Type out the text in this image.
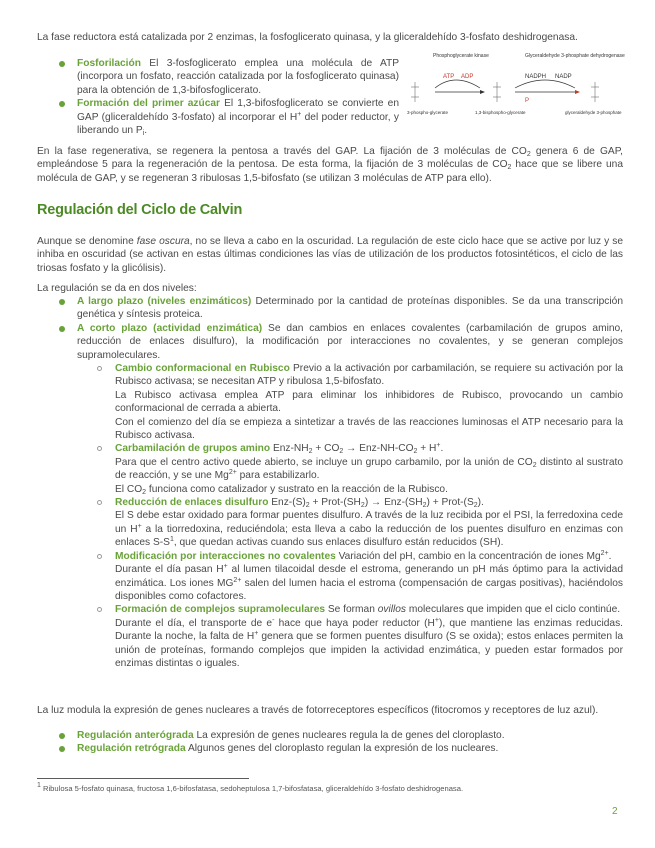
La fase reductora está catalizada por 2 enzimas, la fosfoglicerato quinasa, y la gliceraldehído 3-fosfato deshidrogenasa.
Fosforilación El 3-fosfoglicerato emplea una molécula de ATP (incorpora un fosfato, reacción catalizada por la fosfoglicerato quinasa) para la obtención de 1,3-bifosfoglicerato.
Formación del primer azúcar El 1,3-bifosfoglicerato se convierte en GAP (gliceraldehído 3-fosfato) al incorporar el H+ del poder reductor, y liberando un $P_i$.
Phosphoglycerate kinase	Glyceraldehyde 3-phosphate dehydrogenase
ATP ADP	NADPH NADP
P
3-phospho-glycerate	1,3-bisphospho-glycerate	glyceraldehyde 3-phosphate
En la fase regenerativa, se regenera la pentosa a través del GAP. La fijación de 3 moléculas de $CO_2$ genera 6 de GAP, empleándose 5 para la regeneración de la pentosa. De esta forma, la fijación de 3 moléculas de $CO_2$ hace que se libere una molécula de GAP, y se regeneran 3 ribulosas 1,5-bifosfato (se utilizan 3 moléculas de ATP para ello).
Regulación del Ciclo de Calvin
Aunque se denomine fase oscura, no se lleva a cabo en la oscuridad. La regulación de este ciclo hace que se active por luz y se inhiba en oscuridad (se activan en estas últimas condiciones las vías de utilización de los productos fotosintéticos, el ciclo de las triosas fosfato y la glicólisis).
La regulación se da en dos niveles:
A largo plazo (niveles enzimáticos) Determinado por la cantidad de proteínas disponibles. Se da una transcripción genética y síntesis proteica.
A corto plazo (actividad enzimática) Se dan cambios en enlaces covalentes (carbamilación de grupos amino, reducción de enlaces disulfuro), la modificación por interacciones no covalentes, y se generan complejos supramoleculares.
Cambio conformacional en Rubisco Previo a la activación por carbamilación, se requiere su activación por la Rubisco activasa; se necesitan ATP y ribulosa 1,5-bifosfato.
La Rubisco activasa emplea ATP para eliminar los inhibidores de Rubisco, provocando un cambio conformacional de cerrada a abierta.
Con el comienzo del día se empieza a sintetizar a través de las reacciones luminosas el ATP necesario para la Rubisco activasa.
Carbamilación de grupos amino Enz-$NH_2 + CO_2 \to Enz-NH-CO_2 + H^+$.
Para que el centro activo quede abierto, se incluye un grupo carbamilo, por la unión de $CO_2$ distinto al sustrato de reacción, y se une $Mg^{2+}$ para estabilizarlo.
El $CO_2$ funciona como catalizador y sustrato en la reacción de la Rubisco.
Reducción de enlaces disulfuro Enz-$(S)_2$ + Prot-$(SH_2) \to Enz-(SH_2)$ + Prot-$(S_2)$.
El S debe estar oxidado para formar puentes disulfuro. A través de la luz recibida por el PSI, la ferredoxina cede un H+ a la tiorredoxina, reduciéndola; esta lleva a cabo la reducción de los puentes disulfuro en enzimas con enlaces $S-S^1$, que quedan activas cuando sus enlaces disulfuro están reducidos (SH).
Modificación por interacciones no covalentes Variación del pH, cambio en la concentración de iones $Mg^{2+}$.
Durante el día pasan H+ al lumen tilacoidal desde el estroma, generando un pH más óptimo para la actividad enzimática. Los iones $MG^{2+}$ salen del lumen hacia el estroma (compensación de cargas positivas), haciéndolos disponibles como cofactores.
Formación de complejos supramoleculares Se forman ovillos moleculares que impiden que el ciclo continúe.
Durante el día, el transporte de e- hace que haya poder reductor (H+), que mantiene las enzimas reducidas. Durante la noche, la falta de H+ genera que se formen puentes disulfuro (S se oxida); estos enlaces permiten la unión de proteínas, formando complejos que impiden la actividad enzimática, y pueden estar formados por enzimas distintas o iguales.
La luz modula la expresión de genes nucleares a través de fotorreceptores específicos (fitocromos y receptores de luz azul).
Regulación anterógrada La expresión de genes nucleares regula la de genes del cloroplasto.
Regulación retrógrada Algunos genes del cloroplasto regulan la expresión de los nucleares.
1 Ribulosa 5-fosfato quinasa, fructosa 1,6-bifosfatasa, sedoheptulosa 1,7-bifosfatasa, gliceraldehído 3-fosfato deshidrogenasa.
2
